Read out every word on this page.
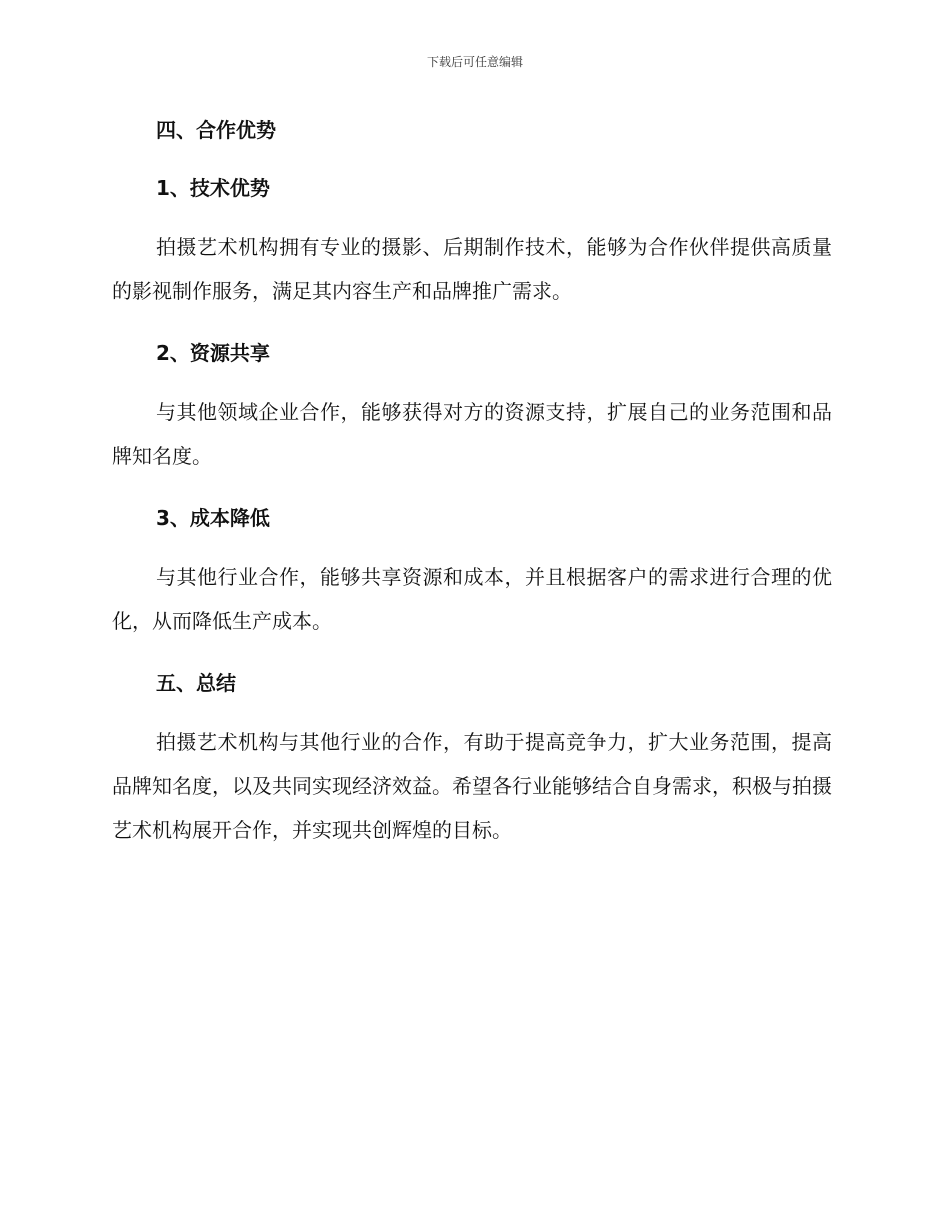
下载后可任意编辑
四、合作优势
1、技术优势

拍摄艺术机构拥有专业的摄影、后期制作技术，能够为合作伙伴提供高质量的影视制作服务，满足其内容生产和品牌推广需求。

2、资源共享

与其他领域企业合作，能够获得对方的资源支持，扩展自己的业务范围和品牌知名度。

3、成本降低

与其他行业合作，能够共享资源和成本，并且根据客户的需求进行合理的优化，从而降低生产成本。

五、总结

拍摄艺术机构与其他行业的合作，有助于提高竞争力，扩大业务范围，提高品牌知名度，以及共同实现经济效益。希望各行业能够结合自身需求，积极与拍摄艺术机构展开合作，并实现共创辉煌的目标。
